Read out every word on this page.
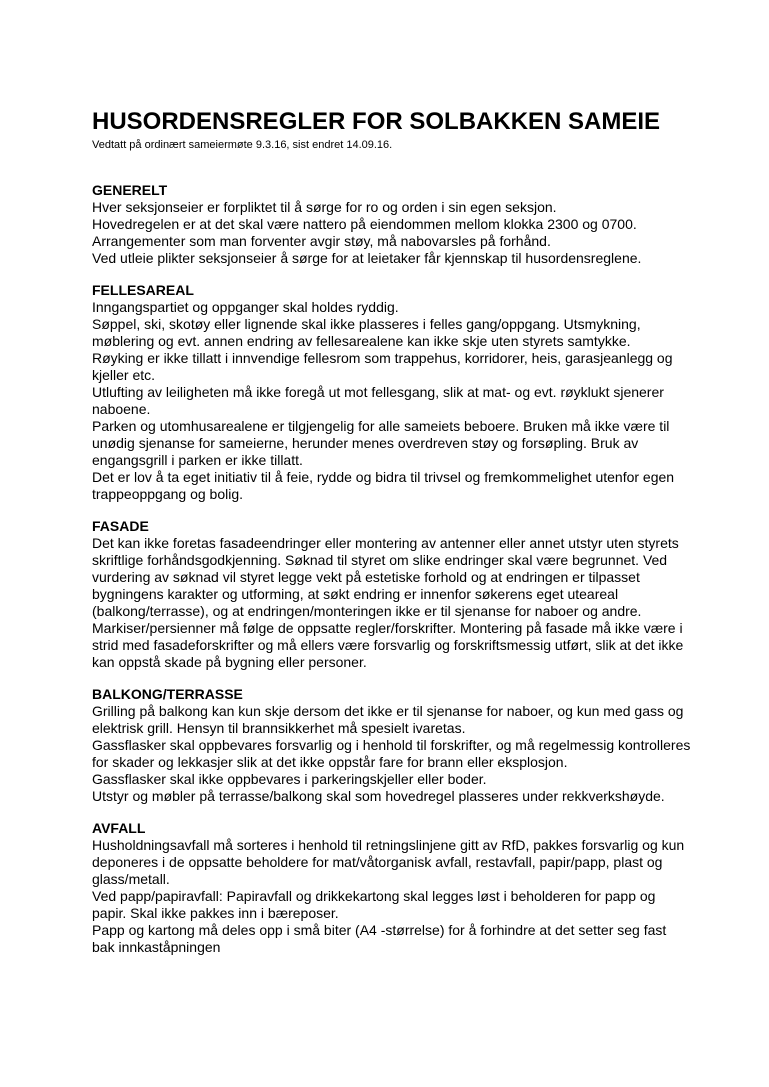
HUSORDENSREGLER FOR SOLBAKKEN SAMEIE

Vedtatt på ordinært sameiermøte 9.3.16, sist endret 14.09.16.

GENERELT

Hver seksjonseier er forpliktet til å sørge for ro og orden i sin egen seksjon.

Hovedregelen er at det skal være nattero på eiendommen mellom klokka 2300 og 0700.

Arrangementer som man forventer avgir støy, må nabovarsles på forhånd.

Ved utleie plikter seksjonseier å sørge for at leietaker får kjennskap til husordensreglene.

FELLESAREAL

Inngangspartiet og oppganger skal holdes ryddig.

Søppel, ski, skotøy eller lignende skal ikke plasseres i felles gang/oppgang. Utsmykning, møblering og evt. annen endring av fellesarealene kan ikke skje uten styrets samtykke.

Røyking er ikke tillatt i innvendige fellesrom som trappehus, korridorer, heis, garasjeanlegg og kjeller etc.

Utlufting av leiligheten må ikke foregå ut mot fellesgang, slik at mat- og evt. røykluk​t sjenerer naboene.

Parken og utomhusarealene er tilgjengelig for alle sameiets beboere. Bruken må ikke være til unødig sjenanse for sameierne, herunder menes overdreven støy og forsøpling. Bruk av engangsgrill i parken er ikke tillatt.

Det er lov å ta eget initiativ til å feie, rydde og bidra til trivsel og fremkommelighet utenfor egen trappeoppgang og bolig.

FASADE

Det kan ikke foretas fasadeendringer eller montering av antenner eller annet utstyr uten styrets skriftlige forhåndsgodkjenning. Søknad til styret om slike endringer skal være begrunnet. Ved vurdering av søknad vil styret legge vekt på estetiske forhold og at endringen er tilpasset bygningens karakter og utforming, at søkt endring er innenfor søkerens eget uteareal (balkong/terrasse), og at endringen/monteringen ikke er til sjenanse for naboer og andre.

Markiser/persienner må følge de oppsatte regler/forskrifter. Montering på fasade må ikke være i strid med fasadeforskrifter og må ellers være forsvarlig og forskriftsmessig utført, slik at det ikke kan oppstå skade på bygning eller personer.

BALKONG/TERRASSE

Grilling på balkong kan kun skje dersom det ikke er til sjenanse for naboer, og kun med gass og elektrisk grill. Hensyn til brannsikkerhet må spesielt ivaretas.

Gassflasker skal oppbevares forsvarlig og i henhold til forskrifter, og må regelmessig kontrolleres for skader og lekkasjer slik at det ikke oppstår fare for brann eller eksplosjon.

Gassflasker skal ikke oppbevares i parkeringskjeller eller boder.

Utstyr og møbler på terrasse/balkong skal som hovedregel plasseres under rekkverkshøyde.

AVFALL

Husholdningsavfall må sorteres i henhold til retningslinjene gitt av RfD, pakkes forsvarlig og kun deponeres i de oppsatte beholdere for mat/våtorganisk avfall, restavfall, papir/papp, plast og glass/metall.

Ved papp/papiravfall: Papiravfall og drikkekartong skal legges løst i beholderen for papp og papir. Skal ikke pakkes inn i bæreposer.

Papp og kartong må deles opp i små biter (A4 -størrelse) for å forhindre at det setter seg fast bak innkaståpningen
